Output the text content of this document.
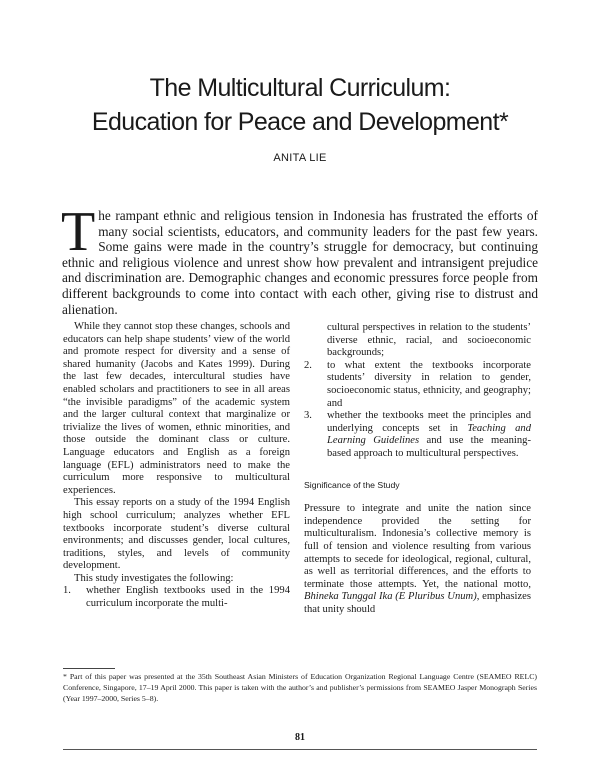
The Multicultural Curriculum:
Education for Peace and Development*
ANITA LIE

The rampant ethnic and religious tension in Indonesia has frustrated the efforts of many social scientists, educators, and community leaders for the past few years. Some gains were made in the country’s struggle for democracy, but continuing ethnic and religious violence and unrest show how prevalent and intransigent prejudice and discrimination are. Demographic changes and economic pressures force people from different backgrounds to come into contact with each other, giving rise to distrust and alienation.

While they cannot stop these changes, schools and educators can help shape students’ view of the world and promote respect for diversity and a sense of shared humanity (Jacobs and Kates 1999). During the last few decades, intercultural studies have enabled scholars and practitioners to see in all areas “the invisible paradigms” of the academic system and the larger cultural context that marginalize or trivialize the lives of women, ethnic minorities, and those outside the dominant class or culture. Language educators and English as a foreign language (EFL) administrators need to make the curriculum more responsive to multicultural experiences.

This essay reports on a study of the 1994 English high school curriculum; analyzes whether EFL textbooks incorporate student’s diverse cultural environments; and discusses gender, local cultures, traditions, styles, and levels of community development.

This study investigates the following:

1. whether English textbooks used in the 1994 curriculum incorporate the multi-
cultural perspectives in relation to the students’ diverse ethnic, racial, and socioeconomic backgrounds;
2. to what extent the textbooks incorporate students’ diversity in relation to gender, socioeconomic status, ethnicity, and geography; and
3. whether the textbooks meet the principles and underlying concepts set in Teaching and Learning Guidelines and use the meaning-based approach to multicultural perspectives.
Significance of the Study

Pressure to integrate and unite the nation since independence provided the setting for multiculturalism. Indonesia’s collective memory is full of tension and violence resulting from various attempts to secede for ideological, regional, cultural, as well as territorial differences, and the efforts to terminate those attempts. Yet, the national motto, Bhineka Tunggal Ika (E Pluribus Unum), emphasizes that unity should

* Part of this paper was presented at the 35th Southeast Asian Ministers of Education Organization Regional Language Centre (SEAMEO RELC) Conference, Singapore, 17–19 April 2000. This paper is taken with the author’s and publisher’s permissions from SEAMEO Jasper Monograph Series (Year 1997–2000, Series 5–8).

81
